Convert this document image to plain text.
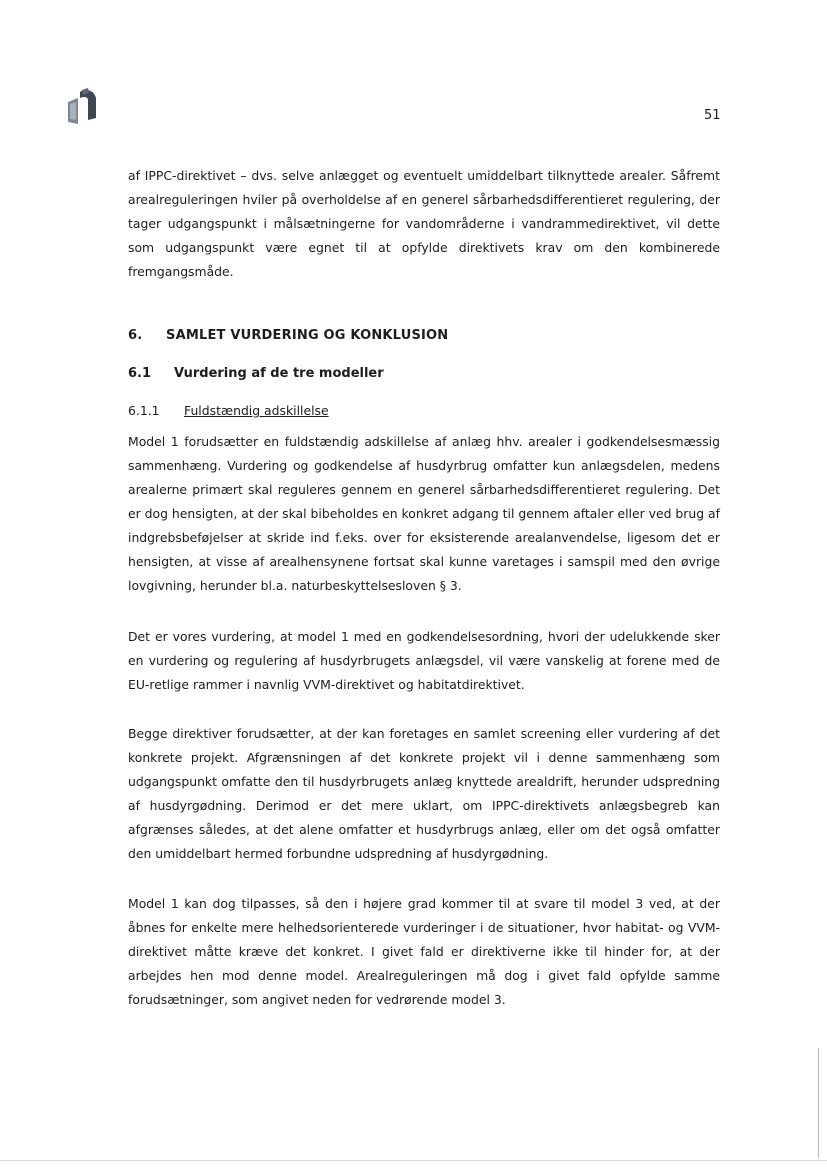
51

af IPPC-direktivet – dvs. selve anlægget og eventuelt umiddelbart tilknyttede arealer. Såfremt arealreguleringen hviler på overholdelse af en generel sårbarhedsdifferentieret regulering, der tager udgangspunkt i målsætningerne for vandområderne i vandrammedirektivet, vil dette som udgangspunkt være egnet til at opfylde direktivets krav om den kombinerede fremgangsmåde.

6. SAMLET VURDERING OG KONKLUSION
6.1 Vurdering af de tre modeller
6.1.1 Fuldstændig adskillelse

Model 1 forudsætter en fuldstændig adskillelse af anlæg hhv. arealer i godkendelsesmæssig sammenhæng. Vurdering og godkendelse af husdyrbrug omfatter kun anlægsdelen, medens arealerne primært skal reguleres gennem en generel sårbarhedsdifferentieret regulering. Det er dog hensigten, at der skal bibeholdes en konkret adgang til gennem aftaler eller ved brug af indgrebsbeføjelser at skride ind f.eks. over for eksisterende arealanvendelse, ligesom det er hensigten, at visse af arealhensynene fortsat skal kunne varetages i samspil med den øvrige lovgivning, herunder bl.a. naturbeskyttelsesloven § 3.

Det er vores vurdering, at model 1 med en godkendelsesordning, hvori der udelukkende sker en vurdering og regulering af husdyrbrugets anlægsdel, vil være vanskelig at forene med de EU-retlige rammer i navnlig VVM-direktivet og habitatdirektivet.

Begge direktiver forudsætter, at der kan foretages en samlet screening eller vurdering af det konkrete projekt. Afgrænsningen af det konkrete projekt vil i denne sammenhæng som udgangspunkt omfatte den til husdyrbrugets anlæg knyttede arealdrift, herunder udspredning af husdyrgødning. Derimod er det mere uklart, om IPPC-direktivets anlægsbegreb kan afgrænses således, at det alene omfatter et husdyrbrugs anlæg, eller om det også omfatter den umiddelbart hermed forbundne udspredning af husdyrgødning.

Model 1 kan dog tilpasses, så den i højere grad kommer til at svare til model 3 ved, at der åbnes for enkelte mere helhedsorienterede vurderinger i de situationer, hvor habitat- og VVM-direktivet måtte kræve det konkret. I givet fald er direktiverne ikke til hinder for, at der arbejdes hen mod denne model. Arealreguleringen må dog i givet fald opfylde samme forudsætninger, som angivet neden for vedrørende model 3.
